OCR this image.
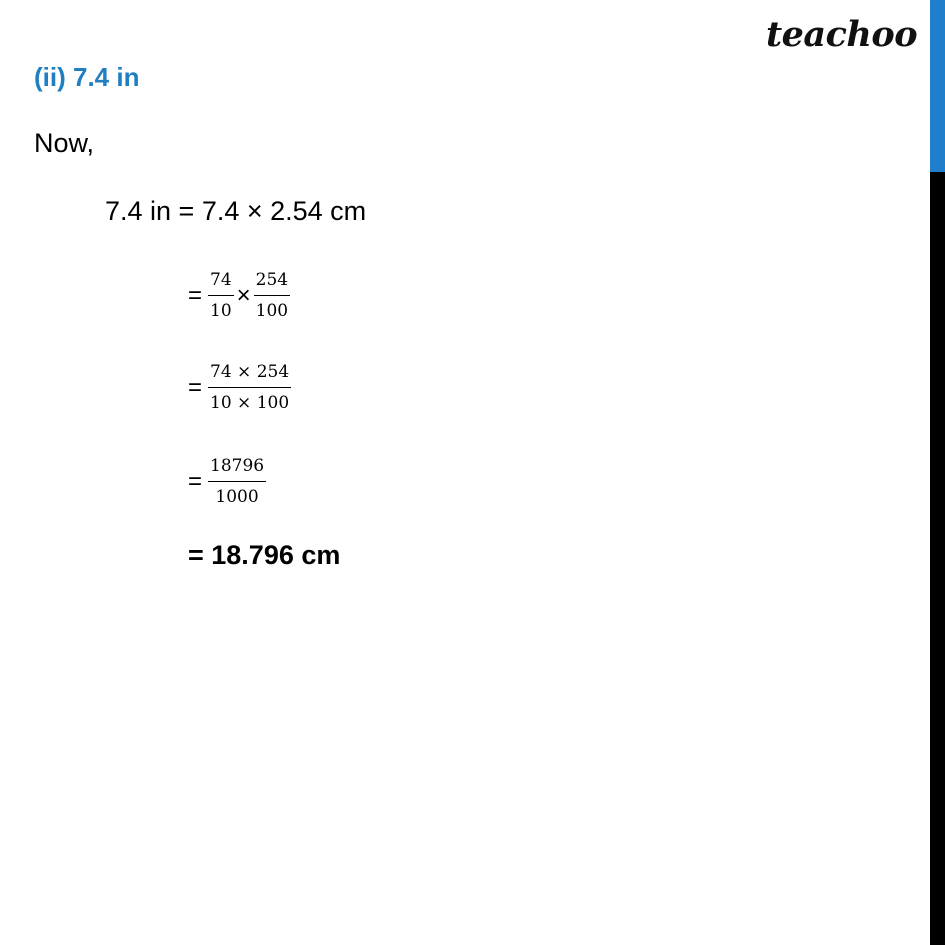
teachoo
(ii) 7.4 in
Now,
7.4 in = 7.4 × 2.54 cm
= $\frac{74}{10} \times \frac{254}{100}$
= $\frac{74 \times 254}{10 \times 100}$
= $\frac{18796}{1000}$
= 18.796 cm
